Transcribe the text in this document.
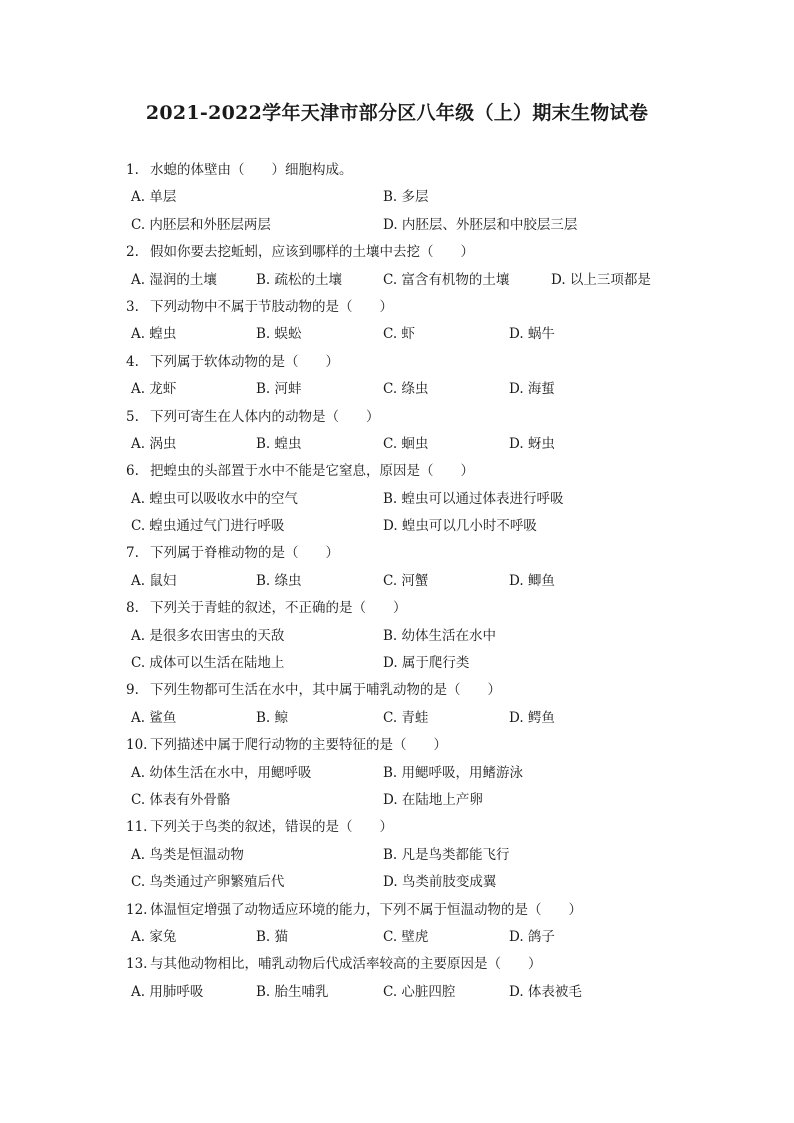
2021-2022学年天津市部分区八年级（上）期末生物试卷
1. 水螅的体壁由（　　）细胞构成。
A. 单层	B. 多层
C. 内胚层和外胚层两层	D. 内胚层、外胚层和中胶层三层
2. 假如你要去挖蚯蚓，应该到哪样的土壤中去挖（　　）
A. 湿润的土壤	B. 疏松的土壤	C. 富含有机物的土壤	D. 以上三项都是
3. 下列动物中不属于节肢动物的是（　　）
A. 蝗虫	B. 蜈蚣	C. 虾	D. 蜗牛
4. 下列属于软体动物的是（　　）
A. 龙虾	B. 河蚌	C. 绦虫	D. 海蜇
5. 下列可寄生在人体内的动物是（　　）
A. 涡虫	B. 蝗虫	C. 蛔虫	D. 蚜虫
6. 把蝗虫的头部置于水中不能是它窒息，原因是（　　）
A. 蝗虫可以吸收水中的空气	B. 蝗虫可以通过体表进行呼吸
C. 蝗虫通过气门进行呼吸	D. 蝗虫可以几小时不呼吸
7. 下列属于脊椎动物的是（　　）
A. 鼠妇	B. 绦虫	C. 河蟹	D. 鲫鱼
8. 下列关于青蛙的叙述，不正确的是（　　）
A. 是很多农田害虫的天敌	B. 幼体生活在水中
C. 成体可以生活在陆地上	D. 属于爬行类
9. 下列生物都可生活在水中，其中属于哺乳动物的是（　　）
A. 鲨鱼	B. 鲸	C. 青蛙	D. 鳄鱼
10. 下列描述中属于爬行动物的主要特征的是（　　）
A. 幼体生活在水中，用鳃呼吸	B. 用鳃呼吸，用鳍游泳
C. 体表有外骨骼	D. 在陆地上产卵
11. 下列关于鸟类的叙述，错误的是（　　）
A. 鸟类是恒温动物	B. 凡是鸟类都能飞行
C. 鸟类通过产卵繁殖后代	D. 鸟类前肢变成翼
12. 体温恒定增强了动物适应环境的能力，下列不属于恒温动物的是（　　）
A. 家兔	B. 猫	C. 壁虎	D. 鸽子
13. 与其他动物相比，哺乳动物后代成活率较高的主要原因是（　　）
A. 用肺呼吸	B. 胎生哺乳	C. 心脏四腔	D. 体表被毛
